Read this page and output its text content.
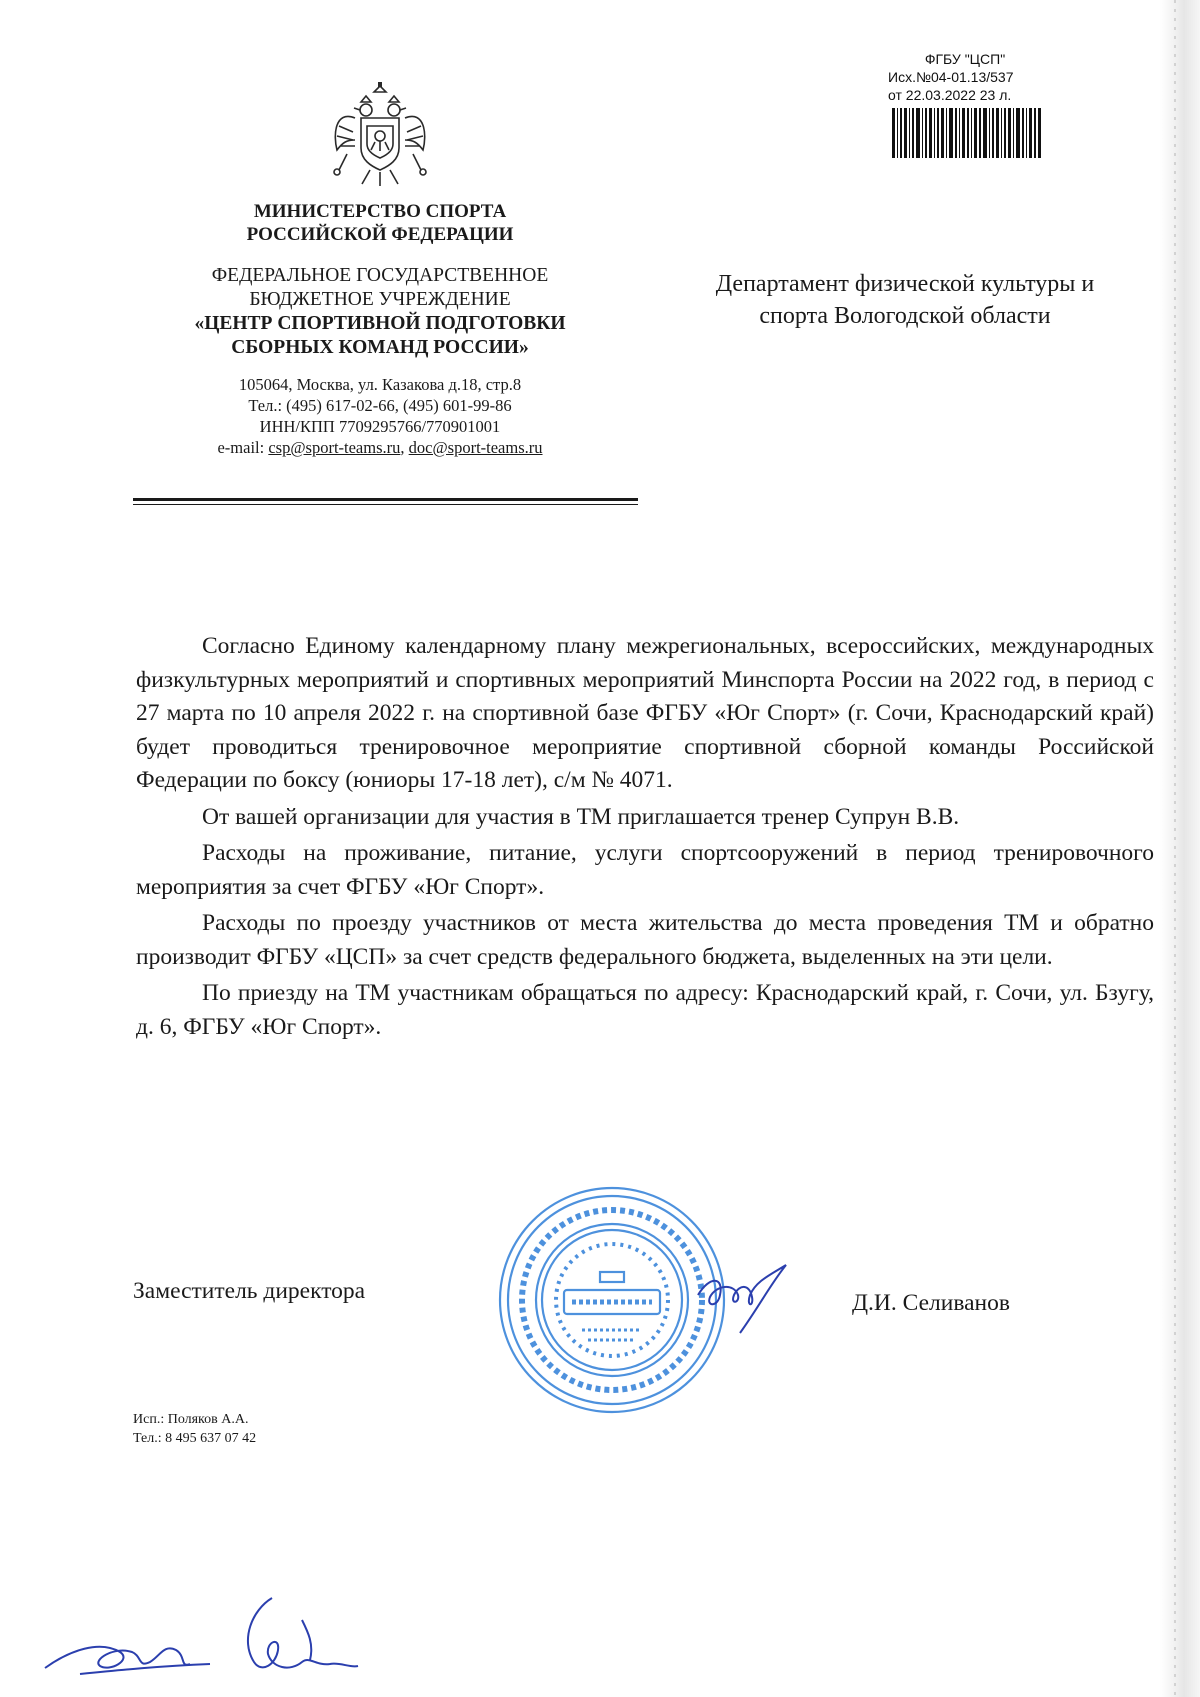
МИНИСТЕРСТВО СПОРТА
РОССИЙСКОЙ ФЕДЕРАЦИИ
ФЕДЕРАЛЬНОЕ ГОСУДАРСТВЕННОЕ
БЮДЖЕТНОЕ УЧРЕЖДЕНИЕ
«ЦЕНТР СПОРТИВНОЙ ПОДГОТОВКИ
СБОРНЫХ КОМАНД РОССИИ»
105064, Москва, ул. Казакова д.18, стр.8
Тел.: (495) 617-02-66, (495) 601-99-86
ИНН/КПП 7709295766/770901001
e-mail: csp@sport-teams.ru, doc@sport-teams.ru
ФГБУ "ЦСП"
Исх.№04-01.13/537
от 22.03.2022 23 л.
Департамент физической культуры и
спорта Вологодской области

Согласно Единому календарному плану межрегиональных, всероссийских, международных физкультурных мероприятий и спортивных мероприятий Минспорта России на 2022 год, в период с 27 марта по 10 апреля 2022 г. на спортивной базе ФГБУ «Юг Спорт» (г. Сочи, Краснодарский край) будет проводиться тренировочное мероприятие спортивной сборной команды Российской Федерации по боксу (юниоры 17-18 лет), с/м № 4071.

От вашей организации для участия в ТМ приглашается тренер Супрун В.В.

Расходы на проживание, питание, услуги спортсооружений в период тренировочного мероприятия за счет ФГБУ «Юг Спорт».

Расходы по проезду участников от места жительства до места проведения ТМ и обратно производит ФГБУ «ЦСП» за счет средств федерального бюджета, выделенных на эти цели.

По приезду на ТМ участникам обращаться по адресу: Краснодарский край, г. Сочи, ул. Бзугу, д. 6, ФГБУ «Юг Спорт».

Заместитель директора	Д.И. Селиванов
Исп.: Поляков А.А.
Тел.: 8 495 637 07 42
